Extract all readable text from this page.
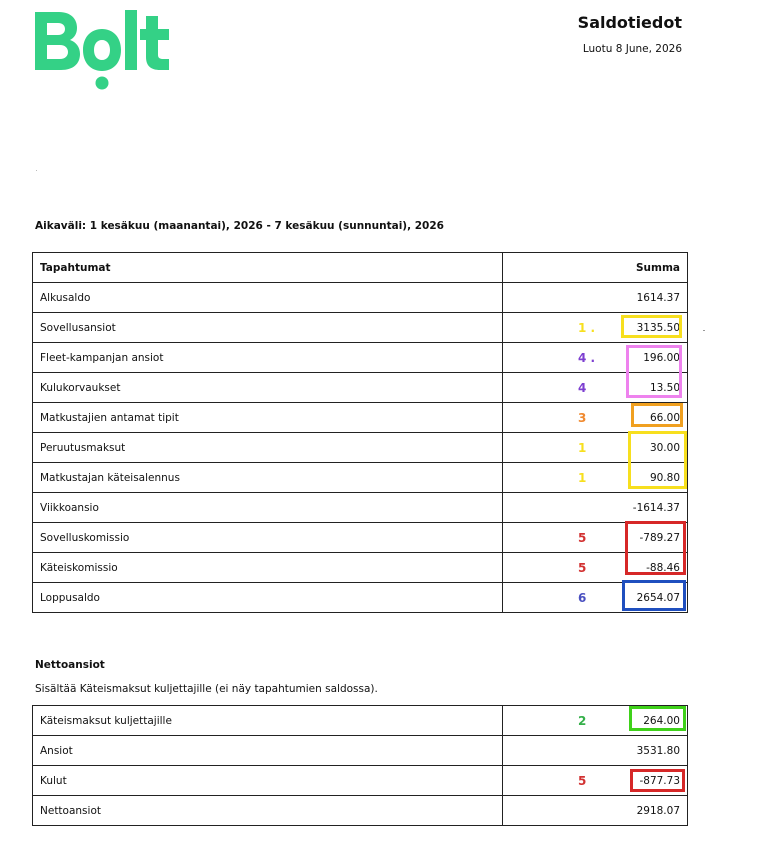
Saldotiedot
Luotu 8 June, 2026
Aikaväli: 1 kesäkuu (maanantai), 2026 - 7 kesäkuu (sunnuntai), 2026
Tapahtumat	Summa
Alkusaldo	1614.37
Sovellusansiot	1 . 3135.50
Fleet-kampanjan ansiot	4 . 196.00
Kulukorvaukset	4 13.50
Matkustajien antamat tipit	3 66.00
Peruutusmaksut	1 30.00
Matkustajan käteisalennus	1 90.80
Viikkoansio	-1614.37
Sovelluskomissio	5 -789.27
Käteiskomissio	5 -88.46
Loppusaldo	6 2654.07
Nettoansiot
Sisältää Käteismaksut kuljettajille (ei näy tapahtumien saldossa).
Käteismaksut kuljettajille	2 264.00
Ansiot	3531.80
Kulut	5 -877.73
Nettoansiot	2918.07
